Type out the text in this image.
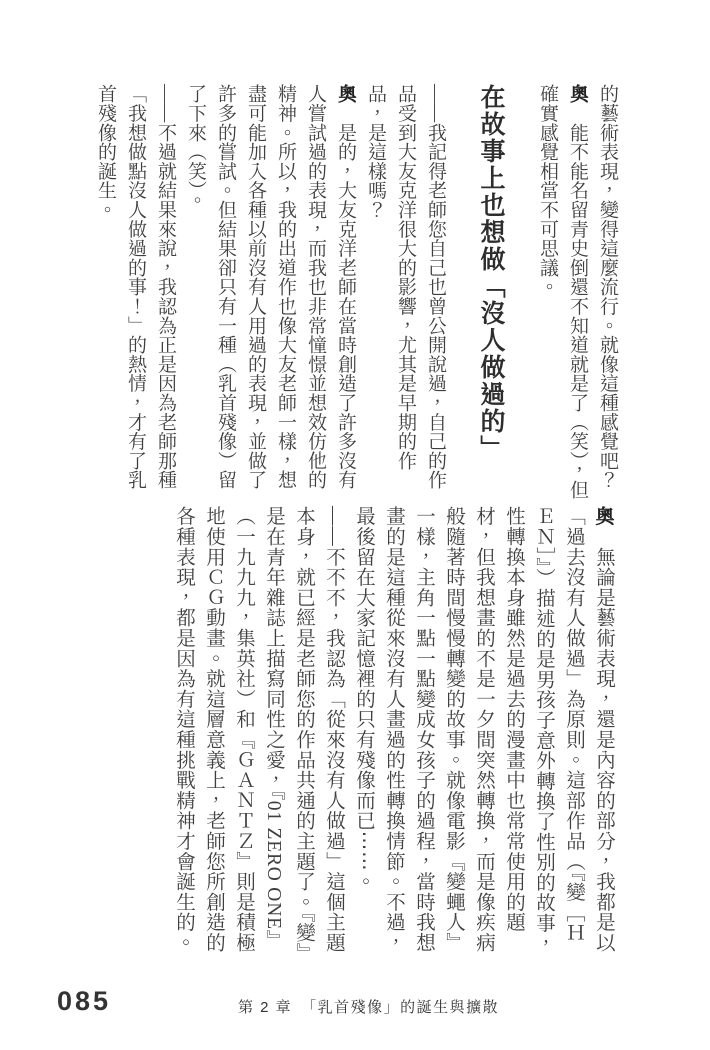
的藝術表現，變得這麼流行。就像這種感覺吧？

奧　能不能名留青史倒還不知道就是了（笑），但確實感覺相當不可思議。

在故事上也想做「沒人做過的」

——我記得老師您自己也曾公開說過，自己的作品受到大友克洋很大的影響，尤其是早期的作品，是這樣嗎？

奧　是的，大友克洋老師在當時創造了許多沒有人嘗試過的表現，而我也非常憧憬並想效仿他的精神。所以，我的出道作也像大友老師一樣，想盡可能加入各種以前沒有人用過的表現，並做了許多的嘗試。但結果卻只有一種（乳首殘像）留了下來（笑）。

——不過就結果來說，我認為正是因為老師那種「我想做點沒人做過的事！」的熱情，才有了乳首殘像的誕生。

奧　無論是藝術表現，還是內容的部分，我都是以「過去沒有人做過」為原則。這部作品（『變［ＨＥＮ］』）描述的是男孩子意外轉換了性別的故事，性轉換本身雖然是過去的漫畫中也常常使用的題材，但我想畫的不是一夕間突然轉換，而是像疾病般隨著時間慢慢轉變的故事。就像電影『變蠅人』一樣，主角一點一點變成女孩子的過程，當時我想畫的是這種從來沒有人畫過的性轉換情節。不過，最後留在大家記憶裡的只有殘像而已⋯⋯。

——不不不，我認為「從來沒有人做過」這個主題本身，就已經是老師您的作品共通的主題了。『變』是在青年雜誌上描寫同性之愛，『01 ZERO ONE』（一九九九，集英社）和『ＧＡＮＴＺ』則是積極地使用ＣＧ動畫。就這層意義上，老師您所創造的各種表現，都是因為有這種挑戰精神才會誕生的。

085	第 2 章　「乳首殘像」的誕生與擴散
